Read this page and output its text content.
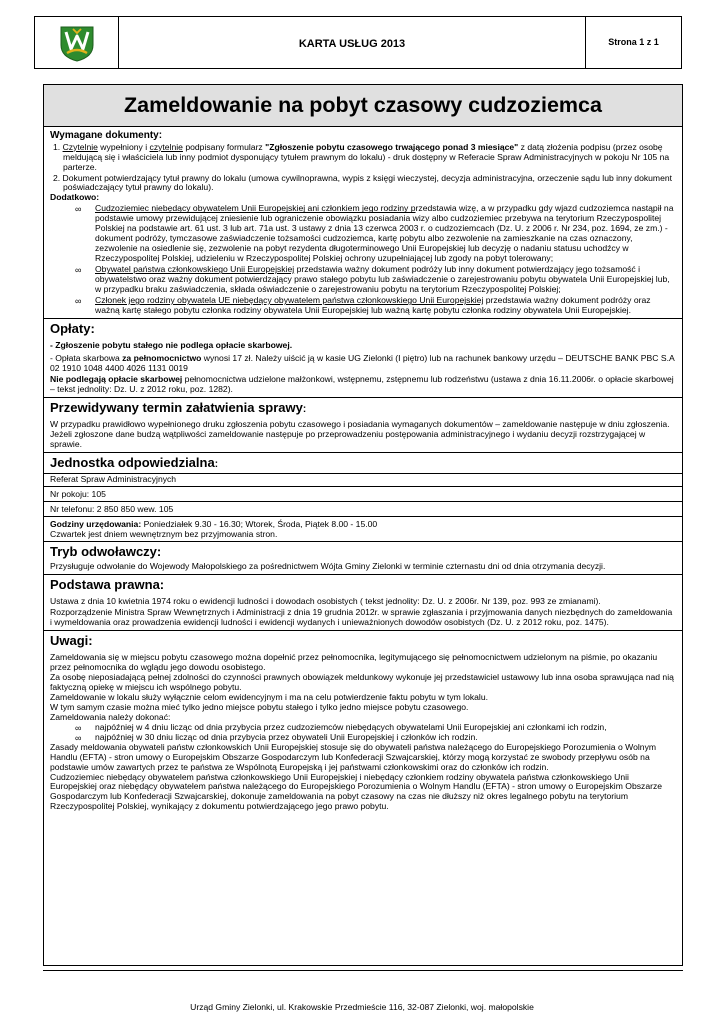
KARTA USŁUG 2013	Strona 1 z 1
Zameldowanie na pobyt czasowy cudzoziemca
Wymagane dokumenty:
1. Czytelnie wypełniony i czytelnie podpisany formularz "Zgłoszenie pobytu czasowego trwającego ponad 3 miesiące" z datą złożenia podpisu (przez osobę meldującą się i właściciela lub inny podmiot dysponujący tytułem prawnym do lokalu) - druk dostępny w Referacie Spraw Administracyjnych w pokoju Nr 105 na parterze.
2. Dokument potwierdzający tytuł prawny do lokalu (umowa cywilnoprawna, wypis z księgi wieczystej, decyzja administracyjna, orzeczenie sądu lub inny dokument poświadczający tytuł prawny do lokalu).
Dodatkowo:
∞ Cudzoziemiec niebędący obywatelem Unii Europejskiej ani członkiem jego rodziny przedstawia wizę, a w przypadku gdy wjazd cudzoziemca nastąpił na podstawie umowy przewidującej zniesienie lub ograniczenie obowiązku posiadania wizy albo cudzoziemiec przebywa na terytorium Rzeczypospolitej Polskiej na podstawie art. 61 ust. 3 lub art. 71a ust. 3 ustawy z dnia 13 czerwca 2003 r. o cudzoziemcach (Dz. U. z 2006 r. Nr 234, poz. 1694, ze zm.) - dokument podróży, tymczasowe zaświadczenie tożsamości cudzoziemca, kartę pobytu albo zezwolenie na zamieszkanie na czas oznaczony, zezwolenie na osiedlenie się, zezwolenie na pobyt rezydenta długoterminowego Unii Europejskiej lub decyzję o nadaniu statusu uchodźcy w Rzeczypospolitej Polskiej, udzieleniu w Rzeczypospolitej Polskiej ochrony uzupełniającej lub zgody na pobyt tolerowany;
∞ Obywatel państwa członkowskiego Unii Europejskiej przedstawia ważny dokument podróży lub inny dokument potwierdzający jego tożsamość i obywatelstwo oraz ważny dokument potwierdzający prawo stałego pobytu lub zaświadczenie o zarejestrowaniu pobytu obywatela Unii Europejskiej lub, w przypadku braku zaświadczenia, składa oświadczenie o zarejestrowaniu pobytu na terytorium Rzeczypospolitej Polskiej;
∞ Członek jego rodziny obywatela UE niebędący obywatelem państwa członkowskiego Unii Europejskiej przedstawia ważny dokument podróży oraz ważną kartę stałego pobytu członka rodziny obywatela Unii Europejskiej lub ważną kartę pobytu członka rodziny obywatela Unii Europejskiej.
Opłaty:
- Zgłoszenie pobytu stałego nie podlega opłacie skarbowej.
- Opłata skarbowa za pełnomocnictwo wynosi 17 zł. Należy uiścić ją w kasie UG Zielonki (I piętro) lub na rachunek bankowy urzędu – DEUTSCHE BANK PBC S.A 02 1910 1048 4400 4026 1131 0019
Nie podlegają opłacie skarbowej pełnomocnictwa udzielone małżonkowi, wstępnemu, zstępnemu lub rodzeństwu (ustawa z dnia 16.11.2006r. o opłacie skarbowej – tekst jednolity: Dz. U. z 2012 roku, poz. 1282).
Przewidywany termin załatwienia sprawy:
W przypadku prawidłowo wypełnionego druku zgłoszenia pobytu czasowego i posiadania wymaganych dokumentów – zameldowanie następuje w dniu zgłoszenia. Jeżeli zgłoszone dane budzą wątpliwości zameldowanie następuje po przeprowadzeniu postępowania administracyjnego i wydaniu decyzji rozstrzygającej w sprawie.
Jednostka odpowiedzialna:
Referat Spraw Administracyjnych
Nr pokoju: 105
Nr telefonu: 2 850 850 wew. 105
Godziny urzędowania: Poniedziałek 9.30 - 16.30; Wtorek, Środa, Piątek 8.00 - 15.00
Czwartek jest dniem wewnętrznym bez przyjmowania stron.
Tryb odwoławczy:
Przysługuje odwołanie do Wojewody Małopolskiego za pośrednictwem Wójta Gminy Zielonki w terminie czternastu dni od dnia otrzymania decyzji.
Podstawa prawna:
Ustawa z dnia 10 kwietnia 1974 roku o ewidencji ludności i dowodach osobistych ( tekst jednolity: Dz. U. z 2006r. Nr 139, poz. 993 ze zmianami).
Rozporządzenie Ministra Spraw Wewnętrznych i Administracji z dnia 19 grudnia 2012r. w sprawie zgłaszania i przyjmowania danych niezbędnych do zameldowania i wymeldowania oraz prowadzenia ewidencji ludności i ewidencji wydanych i unieważnionych dowodów osobistych (Dz. U. z 2012 roku, poz. 1475).
Uwagi:
Zameldowania się w miejscu pobytu czasowego można dopełnić przez pełnomocnika, legitymującego się pełnomocnictwem udzielonym na piśmie, po okazaniu przez pełnomocnika do wglądu jego dowodu osobistego.
Za osobę nieposiadającą pełnej zdolności do czynności prawnych obowiązek meldunkowy wykonuje jej przedstawiciel ustawowy lub inna osoba sprawująca nad nią faktyczną opiekę w miejscu ich wspólnego pobytu.
Zameldowanie w lokalu służy wyłącznie celom ewidencyjnym i ma na celu potwierdzenie faktu pobytu w tym lokalu.
W tym samym czasie można mieć tylko jedno miejsce pobytu stałego i tylko jedno miejsce pobytu czasowego.
Zameldowania należy dokonać:
∞ najpóźniej w 4 dniu licząc od dnia przybycia przez cudzoziemców niebędących obywatelami Unii Europejskiej ani członkami ich rodzin,
∞ najpóźniej w 30 dniu licząc od dnia przybycia przez obywateli Unii Europejskiej i członków ich rodzin.
Zasady meldowania obywateli państw członkowskich Unii Europejskiej stosuje się do obywateli państwa należącego do Europejskiego Porozumienia o Wolnym Handlu (EFTA) - stron umowy o Europejskim Obszarze Gospodarczym lub Konfederacji Szwajcarskiej, którzy mogą korzystać ze swobody przepływu osób na podstawie umów zawartych przez te państwa ze Wspólnotą Europejską i jej państwami członkowskimi oraz do członków ich rodzin.
Cudzoziemiec niebędący obywatelem państwa członkowskiego Unii Europejskiej i niebędący członkiem rodziny obywatela państwa członkowskiego Unii Europejskiej oraz niebędący obywatelem państwa należącego do Europejskiego Porozumienia o Wolnym Handlu (EFTA) - stron umowy o Europejskim Obszarze Gospodarczym lub Konfederacji Szwajcarskiej, dokonuje zameldowania na pobyt czasowy na czas nie dłuższy niż okres legalnego pobytu na terytorium Rzeczypospolitej Polskiej, wynikający z dokumentu potwierdzającego jego prawo pobytu.
Urząd Gminy Zielonki, ul. Krakowskie Przedmieście 116, 32-087 Zielonki, woj. małopolskie
